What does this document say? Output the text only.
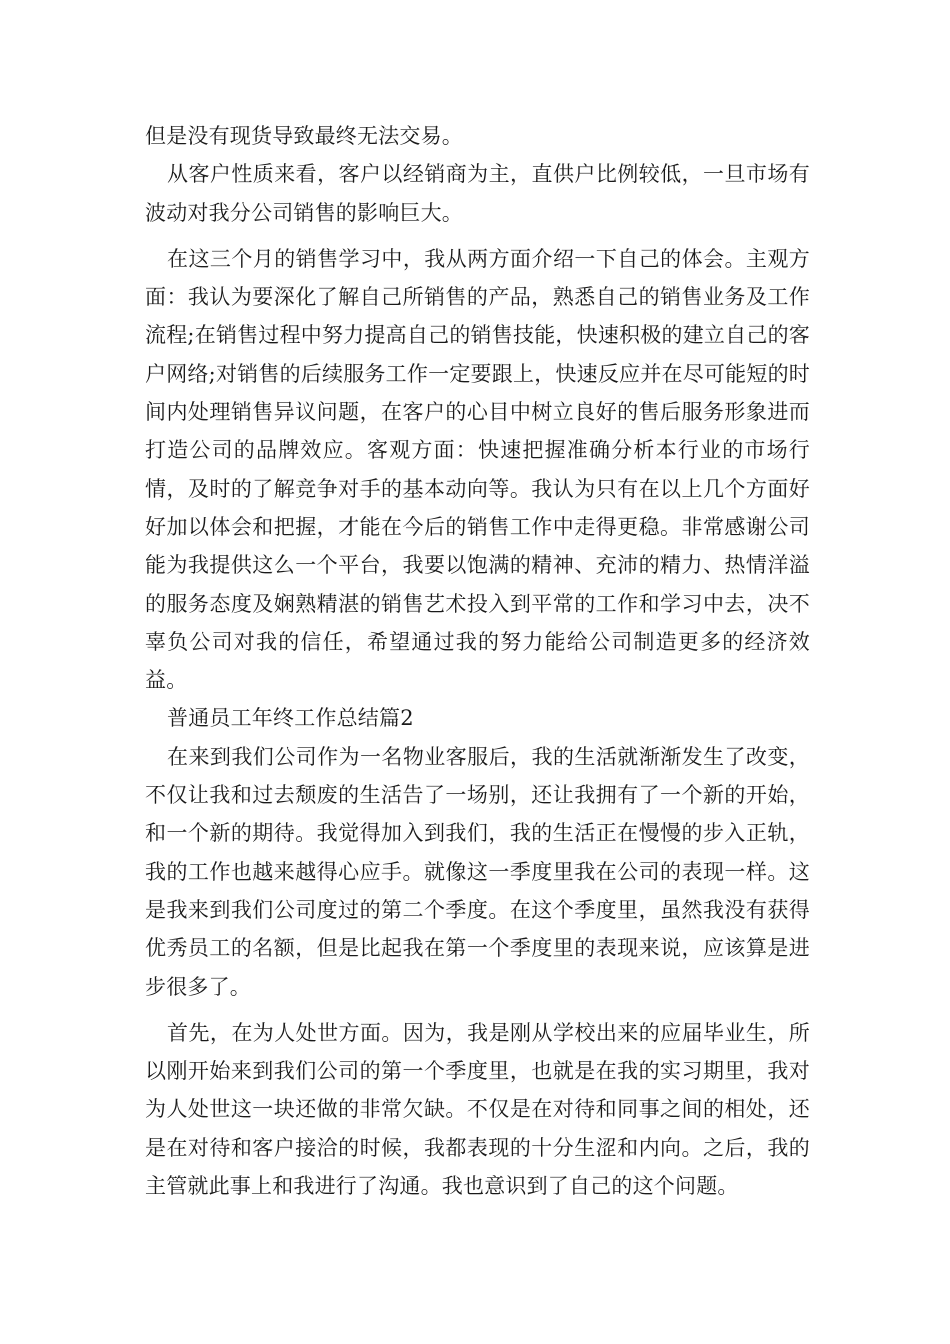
但是没有现货导致最终无法交易。

从客户性质来看，客户以经销商为主，直供户比例较低，一旦市场有波动对我分公司销售的影响巨大。

在这三个月的销售学习中，我从两方面介绍一下自己的体会。主观方面：我认为要深化了解自己所销售的产品，熟悉自己的销售业务及工作流程;在销售过程中努力提高自己的销售技能，快速积极的建立自己的客户网络;对销售的后续服务工作一定要跟上，快速反应并在尽可能短的时间内处理销售异议问题，在客户的心目中树立良好的售后服务形象进而打造公司的品牌效应。客观方面：快速把握准确分析本行业的市场行情，及时的了解竞争对手的基本动向等。我认为只有在以上几个方面好好加以体会和把握，才能在今后的销售工作中走得更稳。非常感谢公司能为我提供这么一个平台，我要以饱满的精神、充沛的精力、热情洋溢的服务态度及娴熟精湛的销售艺术投入到平常的工作和学习中去，决不辜负公司对我的信任，希望通过我的努力能给公司制造更多的经济效益。

普通员工年终工作总结篇2

在来到我们公司作为一名物业客服后，我的生活就渐渐发生了改变，不仅让我和过去颓废的生活告了一场别，还让我拥有了一个新的开始，和一个新的期待。我觉得加入到我们，我的生活正在慢慢的步入正轨，我的工作也越来越得心应手。就像这一季度里我在公司的表现一样。这是我来到我们公司度过的第二个季度。在这个季度里，虽然我没有获得优秀员工的名额，但是比起我在第一个季度里的表现来说，应该算是进步很多了。

首先，在为人处世方面。因为，我是刚从学校出来的应届毕业生，所以刚开始来到我们公司的第一个季度里，也就是在我的实习期里，我对为人处世这一块还做的非常欠缺。不仅是在对待和同事之间的相处，还是在对待和客户接洽的时候，我都表现的十分生涩和内向。之后，我的主管就此事上和我进行了沟通。我也意识到了自己的这个问题。
